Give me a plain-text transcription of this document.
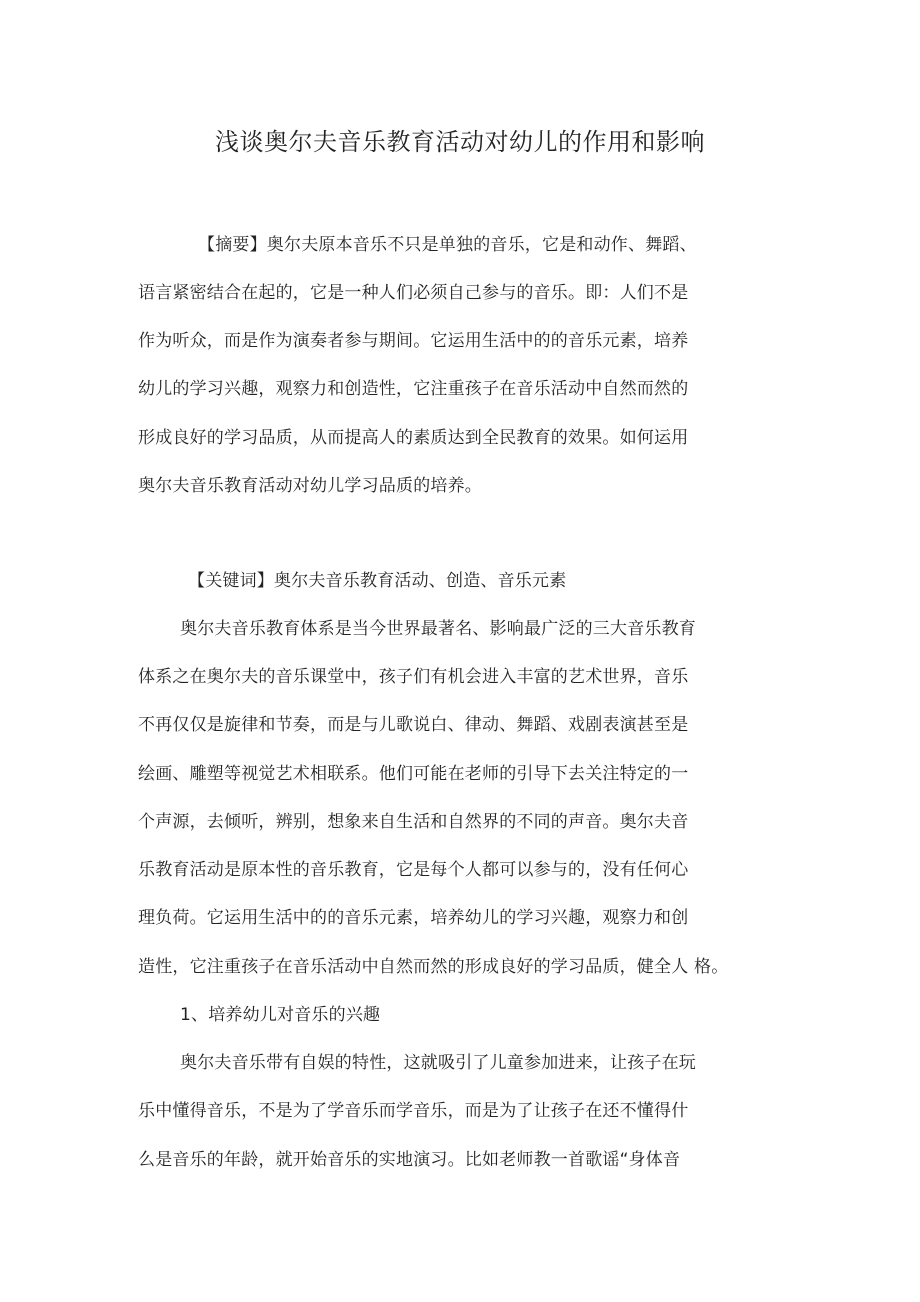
浅谈奥尔夫音乐教育活动对幼儿的作用和影响
【摘要】奥尔夫原本音乐不只是单独的音乐，它是和动作、舞蹈、
语言紧密结合在起的，它是一种人们必须自己参与的音乐。即：人们不是
作为听众，而是作为演奏者参与期间。它运用生活中的的音乐元素，培养
幼儿的学习兴趣，观察力和创造性，它注重孩子在音乐活动中自然而然的
形成良好的学习品质，从而提高人的素质达到全民教育的效果。如何运用
奥尔夫音乐教育活动对幼儿学习品质的培养。
【关键词】奥尔夫音乐教育活动、创造、音乐元素
奥尔夫音乐教育体系是当今世界最著名、影响最广泛的三大音乐教育
体系之在奥尔夫的音乐课堂中，孩子们有机会进入丰富的艺术世界，音乐
不再仅仅是旋律和节奏，而是与儿歌说白、律动、舞蹈、戏剧表演甚至是
绘画、雕塑等视觉艺术相联系。他们可能在老师的引导下去关注特定的一
个声源，去倾听，辨别，想象来自生活和自然界的不同的声音。奥尔夫音
乐教育活动是原本性的音乐教育，它是每个人都可以参与的，没有任何心
理负荷。它运用生活中的的音乐元素，培养幼儿的学习兴趣，观察力和创
造性，它注重孩子在音乐活动中自然而然的形成良好的学习品质，健全人 格。
1、培养幼儿对音乐的兴趣
奥尔夫音乐带有自娱的特性，这就吸引了儿童参加进来，让孩子在玩
乐中懂得音乐，不是为了学音乐而学音乐，而是为了让孩子在还不懂得什
么是音乐的年龄，就开始音乐的实地演习。比如老师教一首歌谣“身体音
